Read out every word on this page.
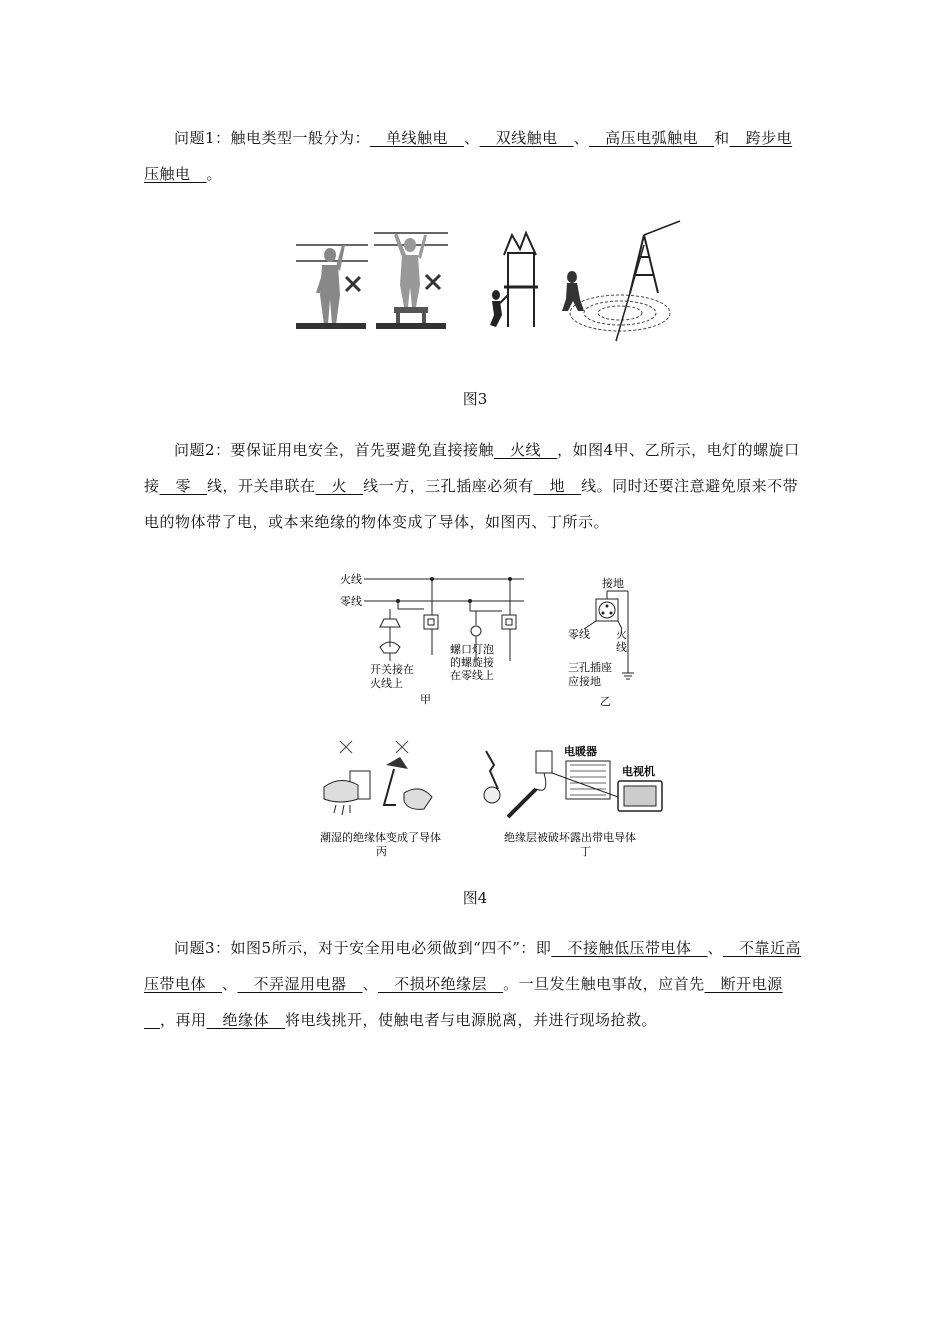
问题1：触电类型一般分为：__单线触电__、__双线触电__、__高压电弧触电__和__跨步电压触电__。
图3
问题2：要保证用电安全，首先要避免直接接触__火线__，如图4甲、乙所示，电灯的螺旋口接__零__线，开关串联在__火__线一方，三孔插座必须有__地__线。同时还要注意避免原来不带电的物体带了电，或本来绝缘的物体变成了导体，如图丙、丁所示。
火线
零线
开关接在
火线上
螺口灯泡
的螺旋接
在零线上
甲
接地
零线 火
线
三孔插座
应接地
乙
潮湿的绝缘体变成了导体
丙
电暖器
电视机
绝缘层被破坏露出带电导体
丁
图4
问题3：如图5所示，对于安全用电必须做到“四不”：即__不接触低压带电体__、__不靠近高压带电体__、__不弄湿用电器__、__不损坏绝缘层__。一旦发生触电事故，应首先__断开电源__，再用__绝缘体__将电线挑开，使触电者与电源脱离，并进行现场抢救。
